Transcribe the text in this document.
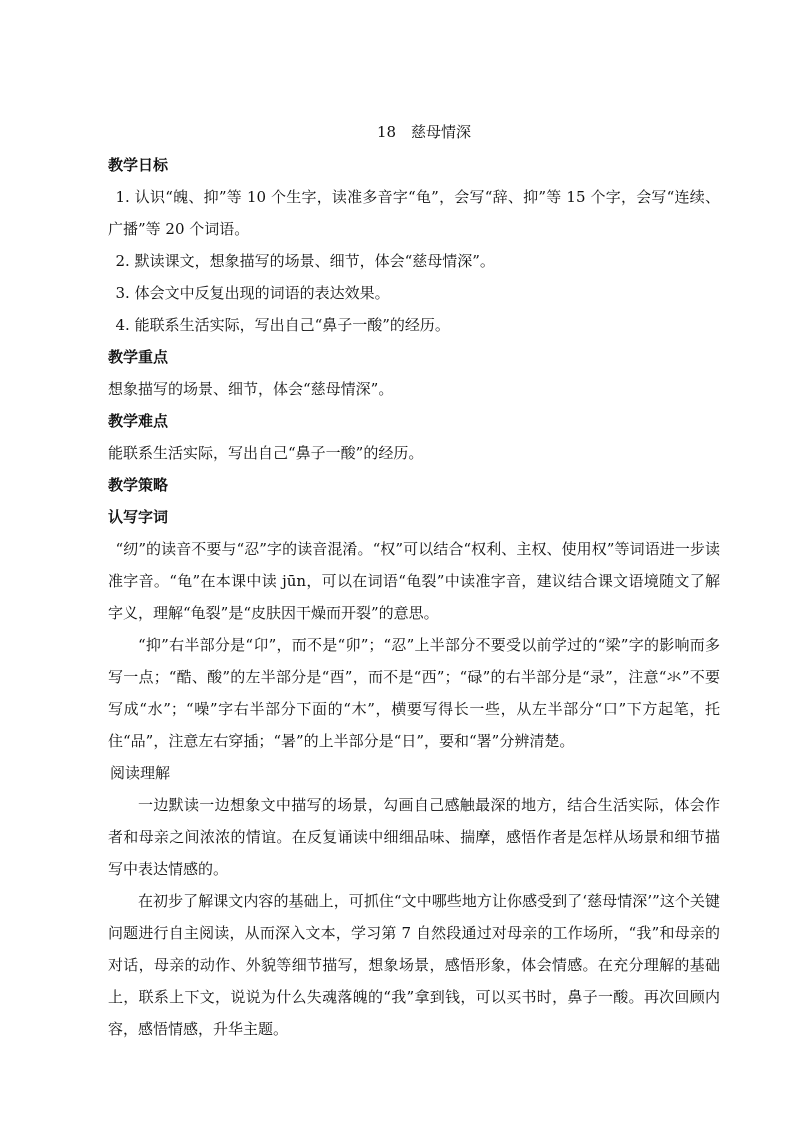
18　慈母情深
教学日标

1. 认识“魄、抑”等 10 个生字，读准多音字“龟”，会写“辞、抑”等 15 个字，会写“连续、广播”等 20 个词语。

2. 默读课文，想象描写的场景、细节，体会“慈母情深”。

3. 体会文中反复出现的词语的表达效果。

4. 能联系生活实际，写出自己“鼻子一酸”的经历。

教学重点

想象描写的场景、细节，体会“慈母情深”。

教学难点

能联系生活实际，写出自己“鼻子一酸”的经历。

教学策略
认写字词

“纫”的读音不要与“忍”字的读音混淆。“权”可以结合“权利、主权、使用权”等词语进一步读准字音。“龟”在本课中读 jūn，可以在词语“龟裂”中读准字音，建议结合课文语境随文了解字义，理解“龟裂”是“皮肤因干燥而开裂”的意思。

“抑”右半部分是“卬”，而不是“卯”；“忍”上半部分不要受以前学过的“梁”字的影响而多写一点；“酷、酸”的左半部分是“酉”，而不是“西”；“碌”的右半部分是“录”，注意“氺”不要写成“水”；“噪”字右半部分下面的“木”，横要写得长一些，从左半部分“口”下方起笔，托住“品”，注意左右穿插；“暑”的上半部分是“日”，要和“署”分辨清楚。

阅读理解

一边默读一边想象文中描写的场景，勾画自己感触最深的地方，结合生活实际，体会作者和母亲之间浓浓的情谊。在反复诵读中细细品味、揣摩，感悟作者是怎样从场景和细节描写中表达情感的。

在初步了解课文内容的基础上，可抓住“文中哪些地方让你感受到了‘慈母情深’”这个关键问题进行自主阅读，从而深入文本，学习第 7 自然段通过对母亲的工作场所，“我”和母亲的对话，母亲的动作、外貌等细节描写，想象场景，感悟形象，体会情感。在充分理解的基础上，联系上下文，说说为什么失魂落魄的“我”拿到钱，可以买书时，鼻子一酸。再次回顾内容，感悟情感，升华主题。
